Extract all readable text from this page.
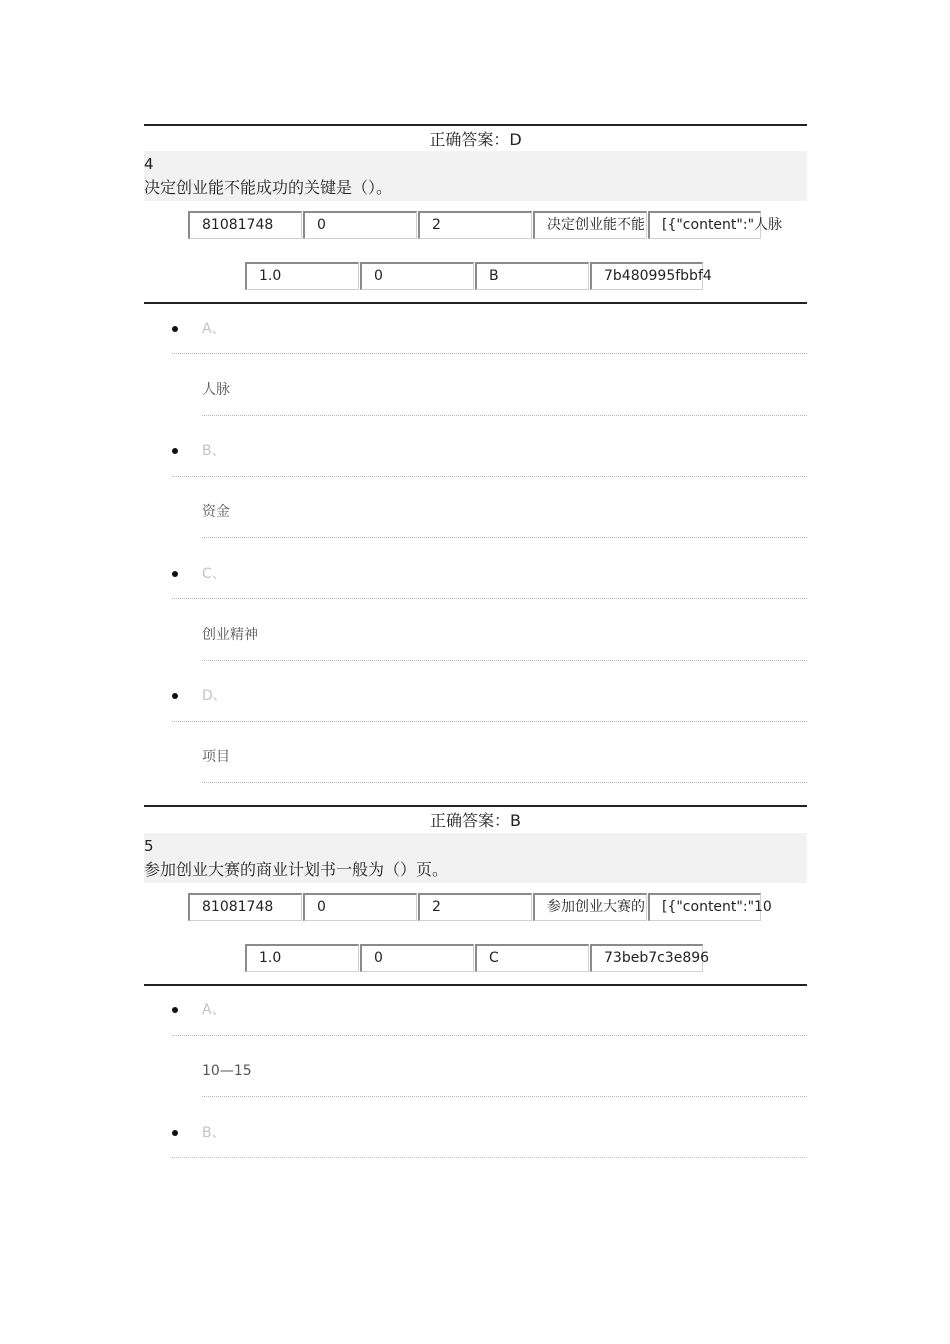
正确答案：D
4
决定创业能不能成功的关键是（）。
81081748	0	2	决定创业能不能	[{"content":"人脉
1.0	0	B	7b480995fbbf4
A、
人脉
B、
资金
C、
创业精神
D、
项目
正确答案：B
5
参加创业大赛的商业计划书一般为（）页。
81081748	0	2	参加创业大赛的	[{"content":"10
1.0	0	C	73beb7c3e896
A、
10—15
B、
